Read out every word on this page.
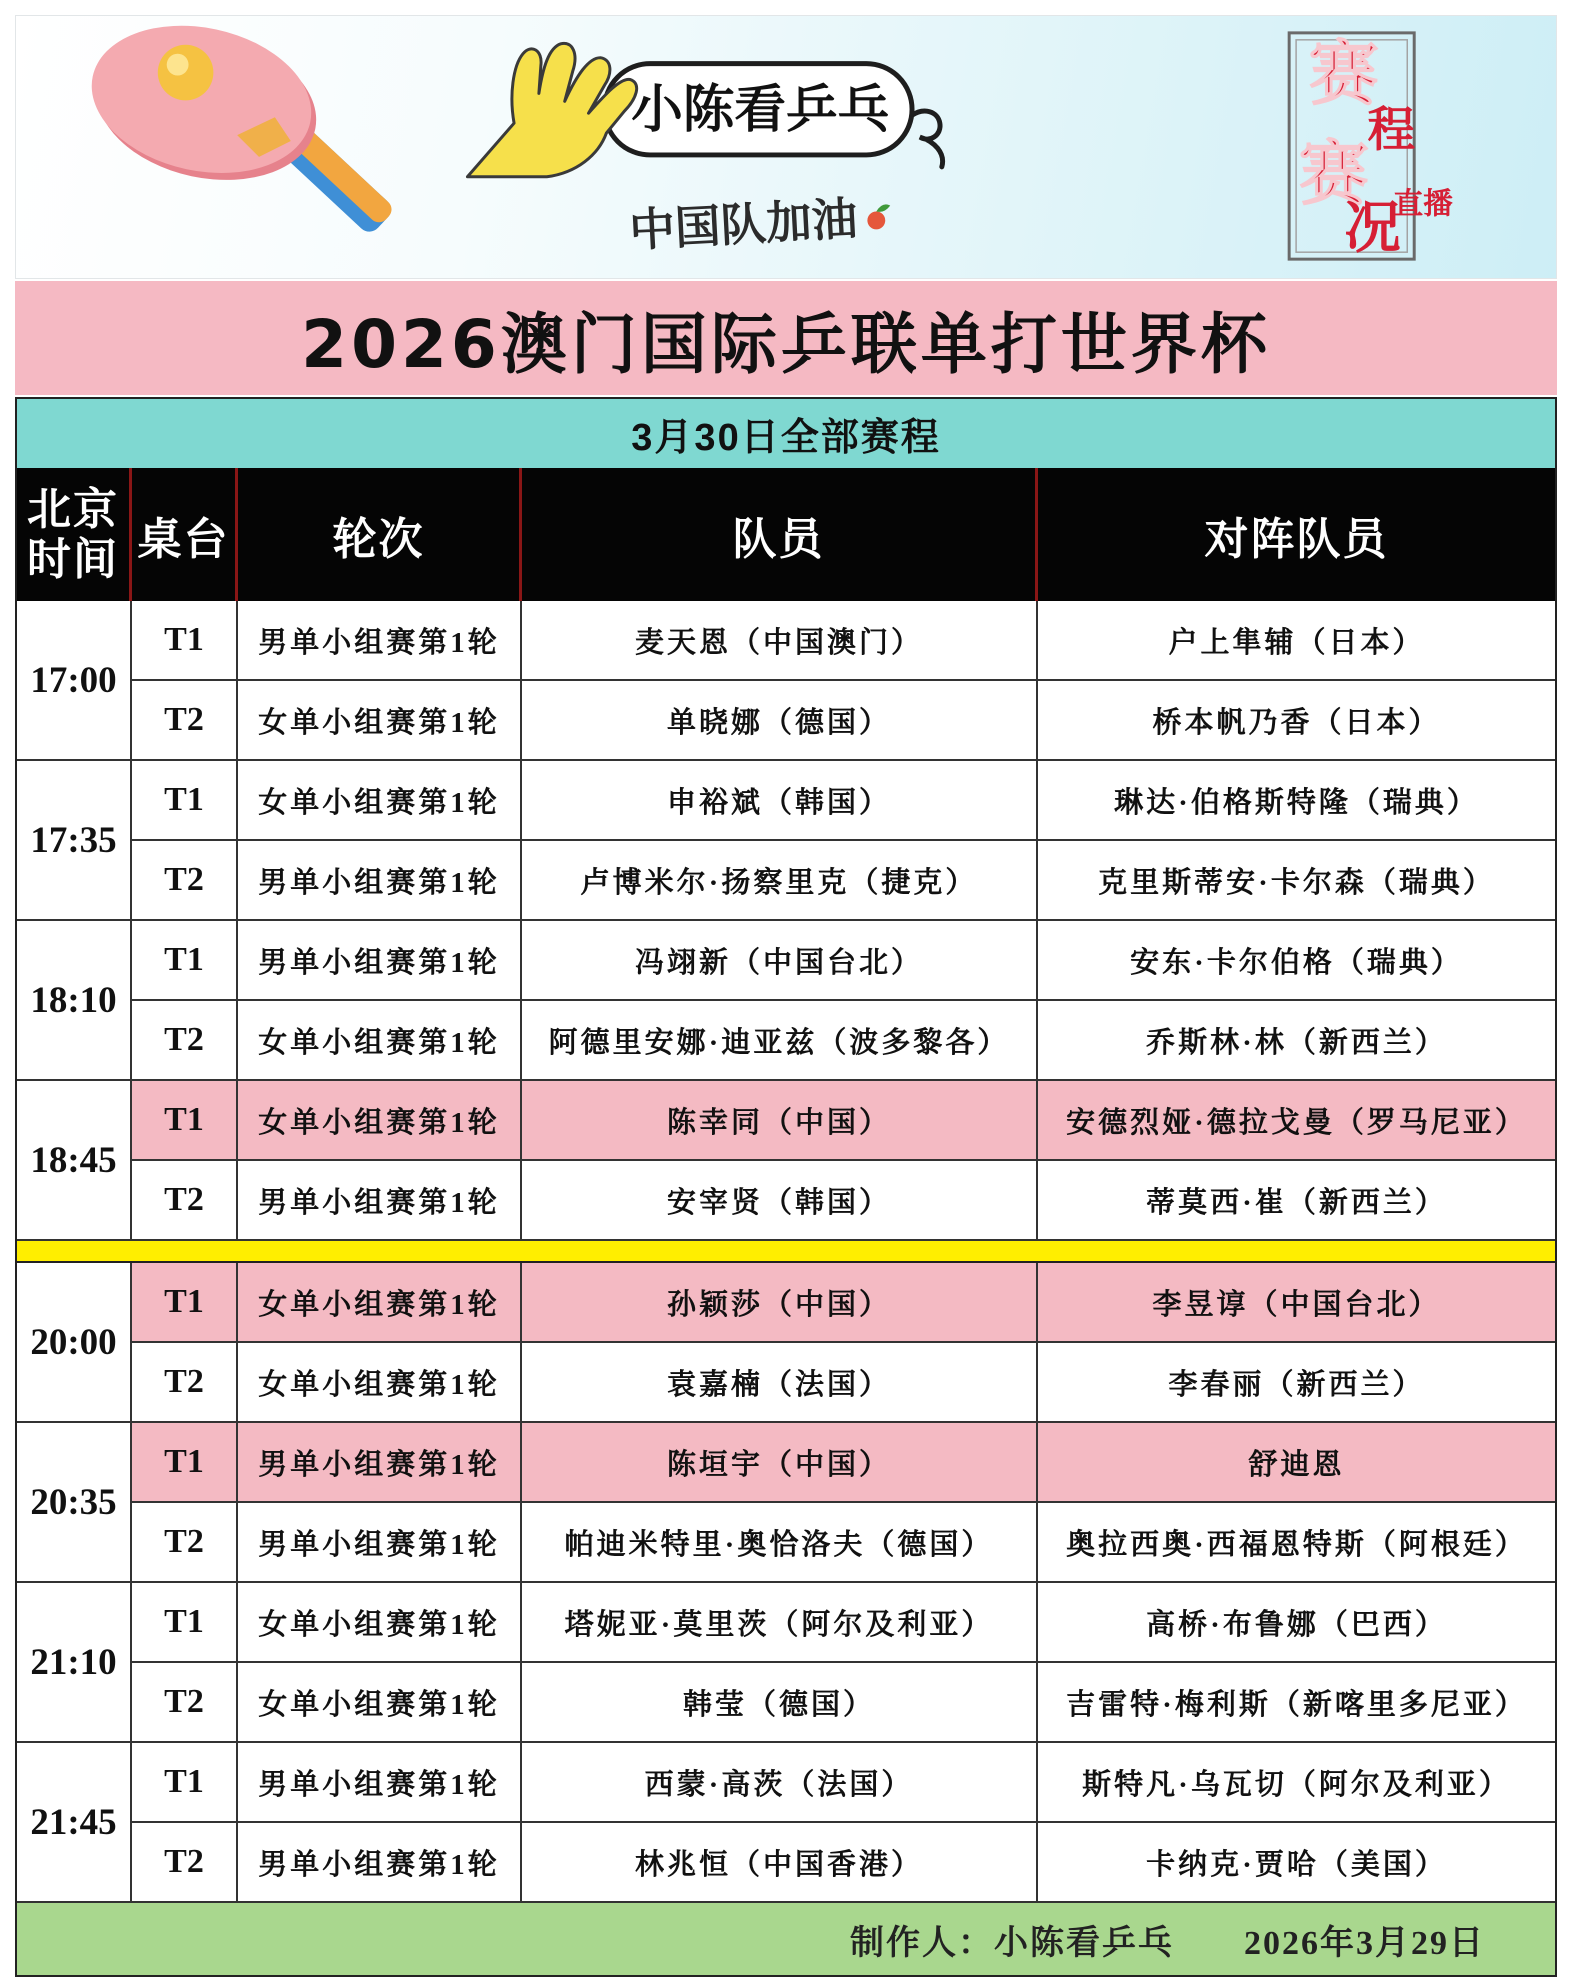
小陈看乒乓
中国队加油
赛
程
赛
况
直播
2026澳门国际乒联单打世界杯
3月30日全部赛程
北京时间 桌台	轮次	队员	对阵队员
17:00
T1	男单小组赛第1轮	麦天恩（中国澳门）	户上隼辅（日本）
T2	女单小组赛第1轮	单晓娜（德国）	桥本帆乃香（日本）
17:35
T1	女单小组赛第1轮	申裕斌（韩国）	琳达·伯格斯特隆（瑞典）
T2	男单小组赛第1轮	卢博米尔·扬察里克（捷克）	克里斯蒂安·卡尔森（瑞典）
18:10
T1	男单小组赛第1轮	冯翊新（中国台北）	安东·卡尔伯格（瑞典）
T2	女单小组赛第1轮	阿德里安娜·迪亚兹（波多黎各）	乔斯林·林（新西兰）
18:45
T1	女单小组赛第1轮	陈幸同（中国）	安德烈娅·德拉戈曼（罗马尼亚）
T2	男单小组赛第1轮	安宰贤（韩国）	蒂莫西·崔（新西兰）
20:00
T1	女单小组赛第1轮	孙颖莎（中国）	李昱谆（中国台北）
T2	女单小组赛第1轮	袁嘉楠（法国）	李春丽（新西兰）
20:35
T1	男单小组赛第1轮	陈垣宇（中国）	舒迪恩
T2	男单小组赛第1轮	帕迪米特里·奥恰洛夫（德国）	奥拉西奥·西福恩特斯（阿根廷）
21:10
T1	女单小组赛第1轮	塔妮亚·莫里茨（阿尔及利亚）	高桥·布鲁娜（巴西）
T2	女单小组赛第1轮	韩莹（德国）	吉雷特·梅利斯（新喀里多尼亚）
21:45
T1	男单小组赛第1轮	西蒙·高茨（法国）	斯特凡·乌瓦切（阿尔及利亚）
T2	男单小组赛第1轮	林兆恒（中国香港）	卡纳克·贾哈（美国）
制作人：小陈看乒乓 2026年3月29日
